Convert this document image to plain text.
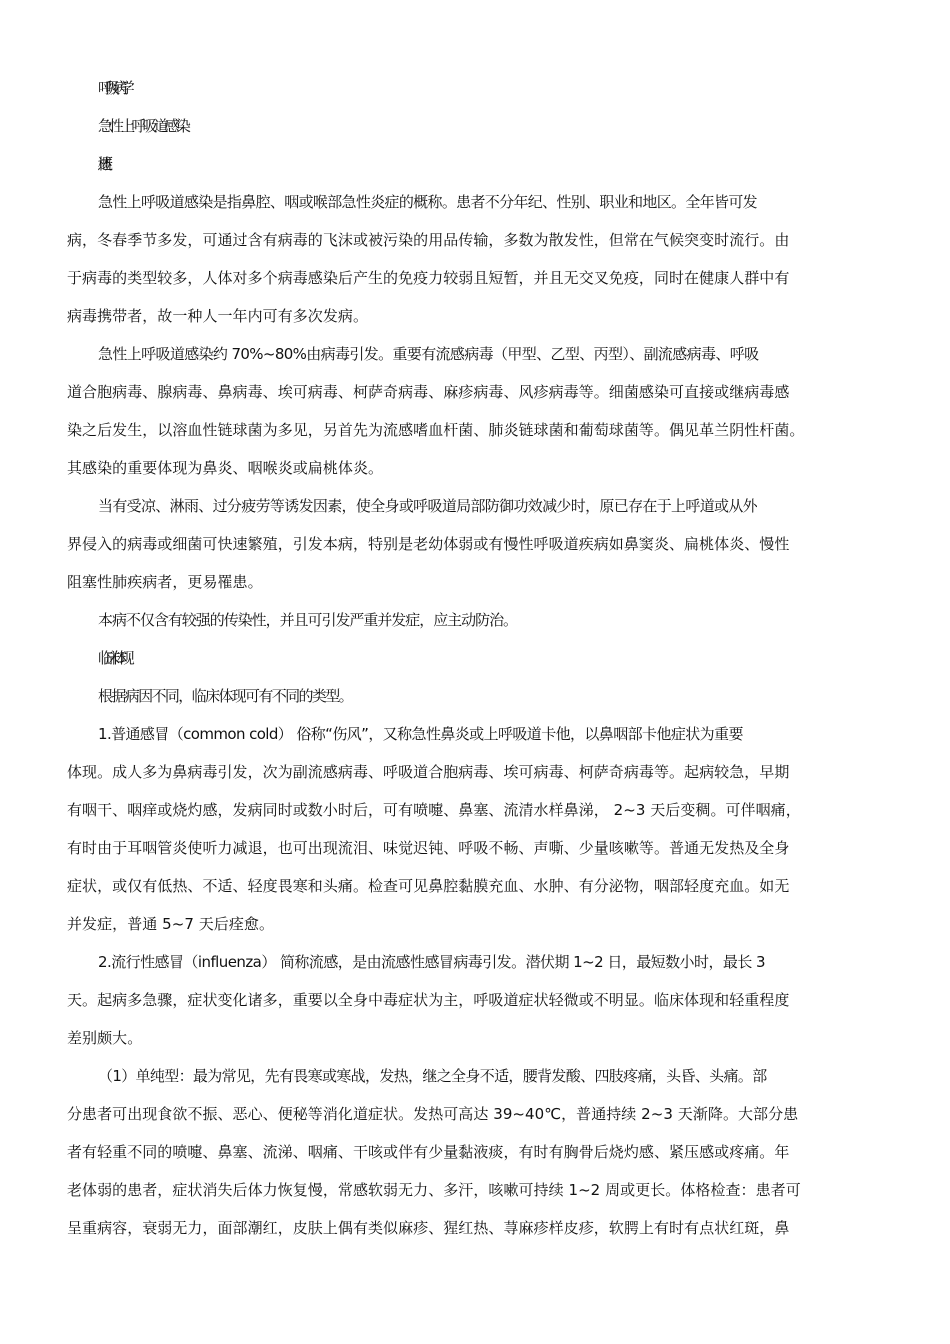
呼吸病学
急性上呼吸道感染
急性上呼吸道感染是指鼻腔、咽或喉部急性炎症的概称。患者不分年纪、性别、职业和地区。全年皆可发
病，冬春季节多发，可通过含有病毒的飞沫或被污染的用品传输，多数为散发性，但常在气候突变时流行。由
于病毒的类型较多，人体对多个病毒感染后产生的免疫力较弱且短暂，并且无交叉免疫，同时在健康人群中有
病毒携带者，故一种人一年内可有多次发病。
急性上呼吸道感染约 70%~80%由病毒引发。重要有流感病毒（甲型、乙型、丙型）、副流感病毒、呼吸
道合胞病毒、腺病毒、鼻病毒、埃可病毒、柯萨奇病毒、麻疹病毒、风疹病毒等。细菌感染可直接或继病毒感
染之后发生，以溶血性链球菌为多见，另首先为流感嗜血杆菌、肺炎链球菌和葡萄球菌等。偶见革兰阴性杆菌。
其感染的重要体现为鼻炎、咽喉炎或扁桃体炎。
当有受凉、淋雨、过分疲劳等诱发因素，使全身或呼吸道局部防御功效减少时，原已存在于上呼道或从外
界侵入的病毒或细菌可快速繁殖，引发本病，特别是老幼体弱或有慢性呼吸道疾病如鼻窦炎、扁桃体炎、慢性
阻塞性肺疾病者，更易罹患。
本病不仅含有较强的传染性，并且可引发严重并发症，应主动防治。
临床体现
根据病因不同，临床体现可有不同的类型。
1.普通感冒（common cold） 俗称“伤风”，又称急性鼻炎或上呼吸道卡他，以鼻咽部卡他症状为重要
体现。成人多为鼻病毒引发，次为副流感病毒、呼吸道合胞病毒、埃可病毒、柯萨奇病毒等。起病较急，早期
有咽干、咽痒或烧灼感，发病同时或数小时后，可有喷嚏、鼻塞、流清水样鼻涕， 2~3 天后变稠。可伴咽痛，
有时由于耳咽管炎使听力减退，也可出现流泪、味觉迟钝、呼吸不畅、声嘶、少量咳嗽等。普通无发热及全身
症状，或仅有低热、不适、轻度畏寒和头痛。检查可见鼻腔黏膜充血、水肿、有分泌物，咽部轻度充血。如无
并发症，普通 5~7 天后痊愈。
2.流行性感冒（influenza） 简称流感，是由流感性感冒病毒引发。潜伏期 1~2 日，最短数小时，最长 3
天。起病多急骤，症状变化诸多，重要以全身中毒症状为主，呼吸道症状轻微或不明显。临床体现和轻重程度
差别颇大。
（1）单纯型：最为常见，先有畏寒或寒战，发热，继之全身不适，腰背发酸、四肢疼痛，头昏、头痛。部
分患者可出现食欲不振、恶心、便秘等消化道症状。发热可高达 39~40℃，普通持续 2~3 天渐降。大部分患
者有轻重不同的喷嚏、鼻塞、流涕、咽痛、干咳或伴有少量黏液痰，有时有胸骨后烧灼感、紧压感或疼痛。年
老体弱的患者，症状消失后体力恢复慢，常感软弱无力、多汗，咳嗽可持续 1~2 周或更长。体格检查：患者可
呈重病容，衰弱无力，面部潮红，皮肤上偶有类似麻疹、猩红热、荨麻疹样皮疹，软腭上有时有点状红斑，鼻
